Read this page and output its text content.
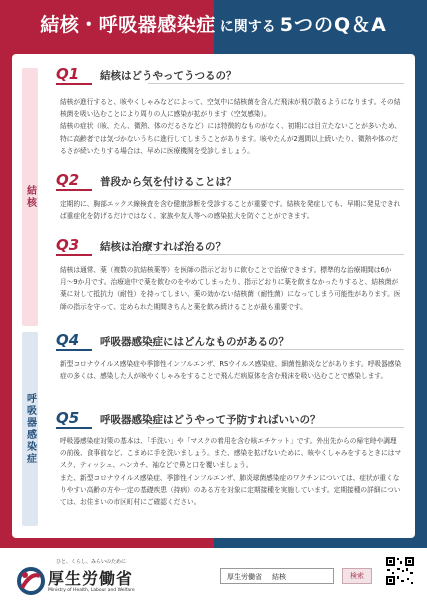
結核・呼吸器感染症 に関する 5つのQ＆A
結核
呼吸器感染症
Q1	結核はどうやってうつるの？

結核が進行すると、咳やくしゃみなどによって、空気中に結核菌を含んだ飛沫が飛び散るようになります。その結核菌を吸い込むことにより周りの人に感染が拡がります（空気感染）。

結核の症状（咳、たん、微熱、体のだるさなど）には特徴的なものがなく、初期には目立たないことが多いため、特に高齢者では気づかないうちに進行してしまうことがあります。咳やたんが2週間以上続いたり、微熱や体のだるさが続いたりする場合は、早めに医療機関を受診しましょう。

Q2	普段から気を付けることは？

定期的に、胸部エックス線検査を含む健康診断を受診することが重要です。結核を発症しても、早期に発見できれば重症化を防げるだけではなく、家族や友人等への感染拡大を防ぐことができます。

Q3	結核は治療すれば治るの？

結核は通常、薬（複数の抗結核薬等）を医師の指示どおりに飲むことで治療できます。標準的な治療期間は6か月〜9か月です。治療途中で薬を飲むのをやめてしまったり、指示どおりに薬を飲まなかったりすると、結核菌が薬に対して抵抗力（耐性）を持ってしまい、薬の効かない結核菌（耐性菌）になってしまう可能性があります。医師の指示を守って、定められた期間きちんと薬を飲み続けることが最も重要です。

Q4	呼吸器感染症にはどんなものがあるの？

新型コロナウイルス感染症や季節性インフルエンザ、RSウイルス感染症、細菌性肺炎などがあります。呼吸器感染症の多くは、感染した人が咳やくしゃみをすることで飛んだ病原体を含む飛沫を吸い込むことで感染します。

Q5	呼吸器感染症はどうやって予防すればいいの？

呼吸器感染症対策の基本は、「手洗い」や「マスクの着用を含む咳エチケット」です。外出先からの帰宅時や調理の前後、食事前など、こまめに手を洗いましょう。また、感染を拡げないために、咳やくしゃみをするときにはマスク、ティッシュ、ハンカチ、袖などで鼻と口を覆いましょう。

また、新型コロナウイルス感染症、季節性インフルエンザ、肺炎球菌感染症のワクチンについては、症状が重くなりやすい高齢の方や一定の基礎疾患（持病）のある方を対象に定期接種を実施しています。定期接種の詳細については、お住まいの市区町村にご確認ください。

ひと、くらし、みらいのために
厚生労働省
Ministry of Health, Labour and Welfare
厚生労働省 結核	検索
